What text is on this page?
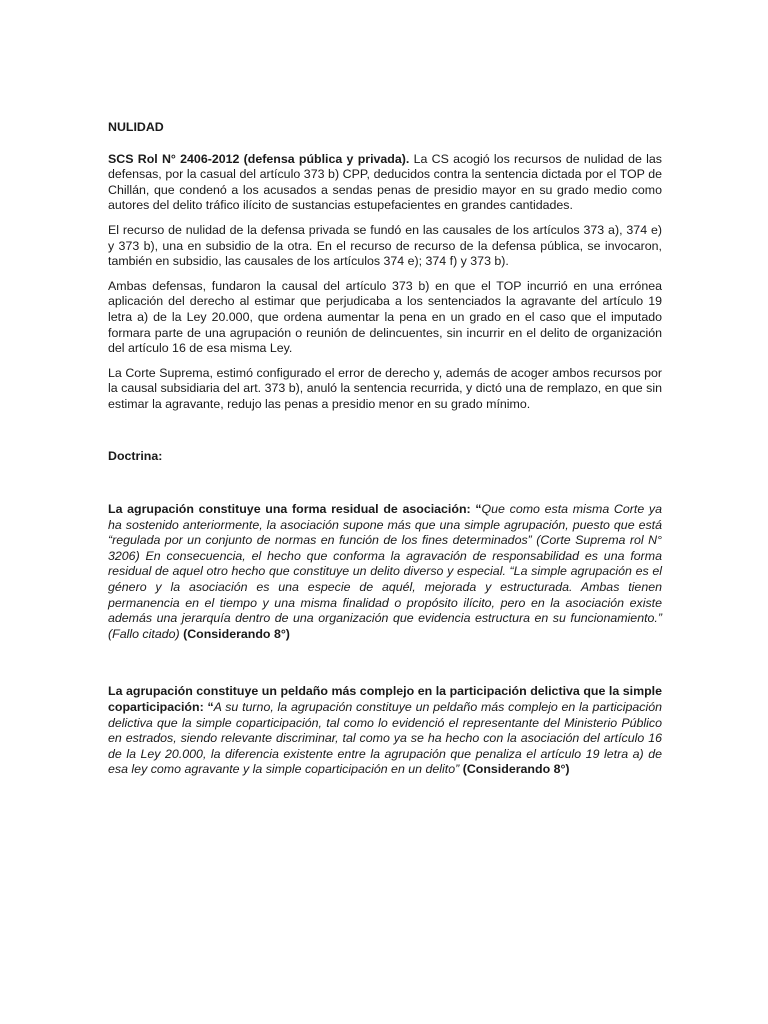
NULIDAD

SCS Rol N° 2406-2012 (defensa pública y privada). La CS acogió los recursos de nulidad de las defensas, por la casual del artículo 373 b) CPP, deducidos contra la sentencia dictada por el TOP de Chillán, que condenó a los acusados a sendas penas de presidio mayor en su grado medio como autores del delito tráfico ilícito de sustancias estupefacientes en grandes cantidades.

El recurso de nulidad de la defensa privada se fundó en las causales de los artículos 373 a), 374 e) y 373 b), una en subsidio de la otra. En el recurso de recurso de la defensa pública, se invocaron, también en subsidio, las causales de los artículos 374 e); 374 f) y 373 b).

Ambas defensas, fundaron la causal del artículo 373 b) en que el TOP incurrió en una errónea aplicación del derecho al estimar que perjudicaba a los sentenciados la agravante del artículo 19 letra a) de la Ley 20.000, que ordena aumentar la pena en un grado en el caso que el imputado formara parte de una agrupación o reunión de delincuentes, sin incurrir en el delito de organización del artículo 16 de esa misma Ley.

La Corte Suprema, estimó configurado el error de derecho y, además de acoger ambos recursos por la causal subsidiaria del art. 373 b), anuló la sentencia recurrida, y dictó una de remplazo, en que sin estimar la agravante, redujo las penas a presidio menor en su grado mínimo.

Doctrina:

La agrupación constituye una forma residual de asociación: “Que como esta misma Corte ya ha sostenido anteriormente, la asociación supone más que una simple agrupación, puesto que está “regulada por un conjunto de normas en función de los fines determinados” (Corte Suprema rol N° 3206) En consecuencia, el hecho que conforma la agravación de responsabilidad es una forma residual de aquel otro hecho que constituye un delito diverso y especial. “La simple agrupación es el género y la asociación es una especie de aquél, mejorada y estructurada. Ambas tienen permanencia en el tiempo y una misma finalidad o propósito ilícito, pero en la asociación existe además una jerarquía dentro de una organización que evidencia estructura en su funcionamiento.” (Fallo citado) (Considerando 8°)

La agrupación constituye un peldaño más complejo en la participación delictiva que la simple coparticipación: “A su turno, la agrupación constituye un peldaño más complejo en la participación delictiva que la simple coparticipación, tal como lo evidenció el representante del Ministerio Público en estrados, siendo relevante discriminar, tal como ya se ha hecho con la asociación del artículo 16 de la Ley 20.000, la diferencia existente entre la agrupación que penaliza el artículo 19 letra a) de esa ley como agravante y la simple coparticipación en un delito” (Considerando 8°)
